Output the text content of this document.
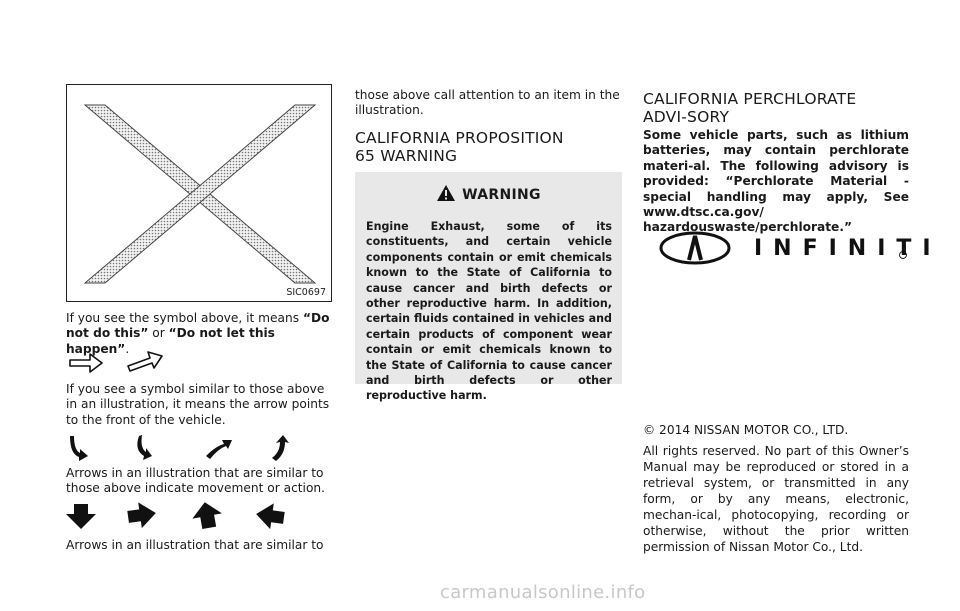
SIC0697

If you see the symbol above, it means “Do not do this” or “Do not let this happen”.

If you see a symbol similar to those above in an illustration, it means the arrow points to the front of the vehicle.

Arrows in an illustration that are similar to those above indicate movement or action.

Arrows in an illustration that are similar to

those above call attention to an item in the illustration.

CALIFORNIA PROPOSITION 65 WARNING
WARNING

Engine Exhaust, some of its constituents, and certain vehicle components contain or emit chemicals known to the State of California to cause cancer and birth defects or other reproductive harm. In addition, certain fluids contained in vehicles and certain products of component wear contain or emit chemicals known to the State of California to cause cancer and birth defects or other reproductive harm.

CALIFORNIA PERCHLORATE ADVI-SORY

Some vehicle parts, such as lithium batteries, may contain perchlorate materi-al. The following advisory is provided: “Perchlorate Material - special handling may apply, See www.dtsc.ca.gov/ hazardouswaste/perchlorate.”

INFINITI

© 2014 NISSAN MOTOR CO., LTD.

All rights reserved. No part of this Owner’s Manual may be reproduced or stored in a retrieval system, or transmitted in any form, or by any means, electronic, mechan-ical, photocopying, recording or otherwise, without the prior written permission of Nissan Motor Co., Ltd.

carmanualsonline.info
